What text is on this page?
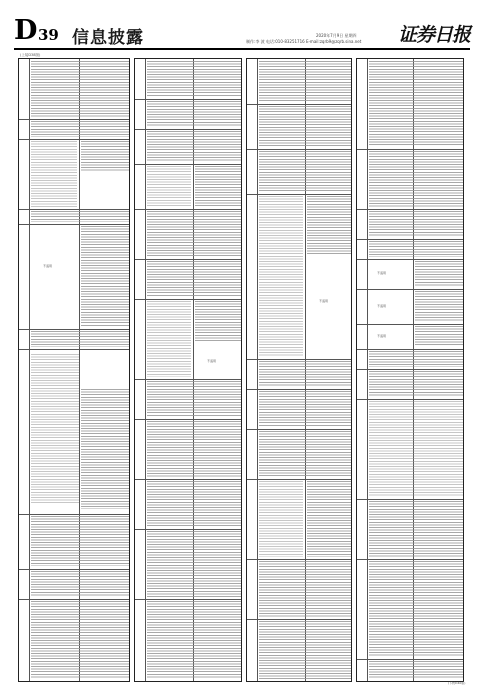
D 39 信息披露	2020年7月9日 星期四
制作:李 波 电话:010-83251716 E-mail:zqrb9@zqrb.sina.net 证券日报
(上接D38版)
不适用
不适用
不适用
不适用
不适用
不适用
(下转D40版)
